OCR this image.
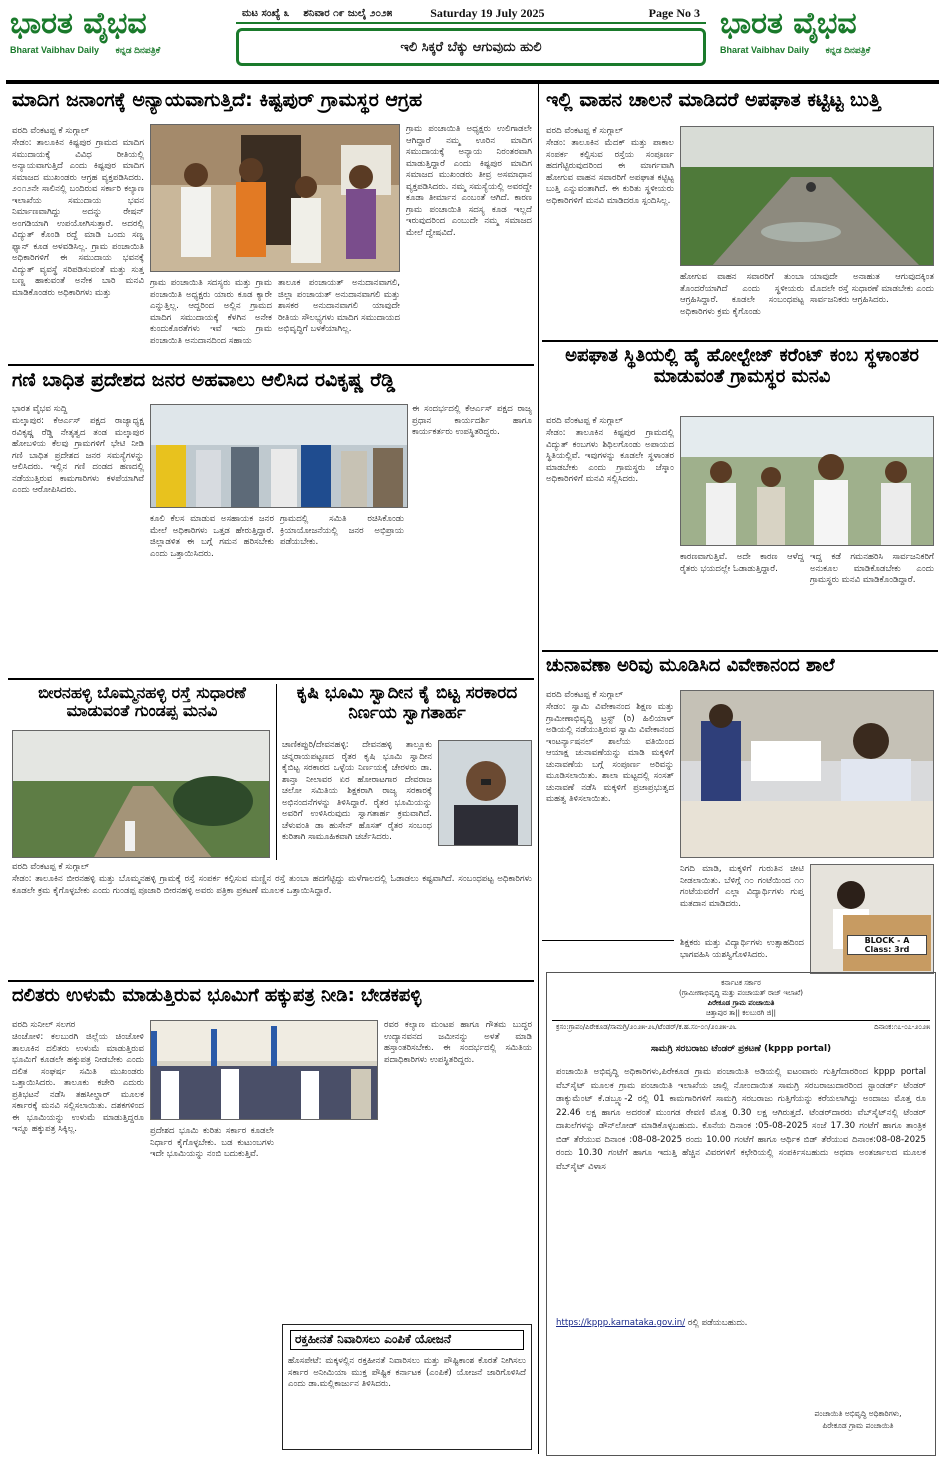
ಭಾರತ ವೈಭವ
Bharat Vaibhav Daily ಕನ್ನಡ ದಿನಪತ್ರಿಕೆ
ಮಟ ಸಂಖ್ಯೆ ೩ ಶನಿವಾರ ೧೯ ಜುಲೈ ೨೦೨೫	Saturday 19 July 2025	Page No 3
ಇಲಿ ಸಿಕ್ಕರೆ ಬೆಕ್ಕು ಆಗುವುದು ಹುಲಿ
ಭಾರತ ವೈಭವ
Bharat Vaibhav Daily ಕನ್ನಡ ದಿನಪತ್ರಿಕೆ
ಮಾದಿಗ ಜನಾಂಗಕ್ಕೆ ಅನ್ಯಾಯವಾಗುತ್ತಿದೆ: ಕಿಷ್ಟಪುರ್ ಗ್ರಾಮಸ್ಥರ ಆಗ್ರಹ
ವರದಿ ವೆಂಕಟಪ್ಪ ಕೆ ಸುಗ್ಗಾಲ್
ಸೇಡಂ: ತಾಲೂಕಿನ ಕಿಷ್ಟಪುರ ಗ್ರಾಮದ ಮಾದಿಗ ಸಮುದಾಯಕ್ಕೆ ವಿವಿಧ ರೀತಿಯಲ್ಲಿ ಅನ್ಯಾಯವಾಗುತ್ತಿದೆ ಎಂದು ಕಿಷ್ಟಪುರ ಮಾದಿಗ ಸಮಾಜದ ಮುಖಂಡರು ಆಗ್ರಹ ವ್ಯಕ್ತಪಡಿಸಿದರು. ೨೦೧೨ನೇ ಸಾಲಿನಲ್ಲಿ ಬಂದಿರುವ ಸರ್ಕಾರಿ ಕಲ್ಯಾಣ ಇಲಾಖೆಯ ಸಮುದಾಯ ಭವನ ನಿರ್ಮಾಣವಾಗಿದ್ದು ಅದನ್ನು ರೇಷನ್ ಅಂಗಡಿಯಾಗಿ ಉಪಯೋಗಿಸುತ್ತಾರೆ. ಅದರಲ್ಲಿ ವಿದ್ಯುತ್ ಕೊಂಡಿ ರದ್ದೆ ಮಾಡಿ ಒಂದು ಸಣ್ಣ ಫ್ಯಾನ್ ಕೂಡ ಅಳವಡಿಸಿಲ್ಲ. ಗ್ರಾಮ ಪಂಚಾಯಿತಿ ಅಧಿಕಾರಿಗಳಿಗೆ ಈ ಸಮುದಾಯ ಭವನಕ್ಕೆ ವಿದ್ಯುತ್ ವ್ಯವಸ್ಥೆ ಸರಿಪಡಿಸುವಂತೆ ಮತ್ತು ಸುತ್ತ ಬಣ್ಣ ಹಾಕುವಂತೆ ಅನೇಕ ಬಾರಿ ಮನವಿ ಮಾಡಿಕೊಂಡರು ಅಧಿಕಾರಿಗಳು ಮತ್ತು
ಗ್ರಾಮ ಪಂಚಾಯಿತಿ ಅಧ್ಯಕ್ಷರು ಉಲಿಗಾಡಲೇ ಆಗಿದ್ದಾರೆ ನಮ್ಮ ಊರಿನ ಮಾದಿಗ ಸಮುದಾಯಕ್ಕೆ ಅನ್ಯಾಯ ನಿರಂತರವಾಗಿ ಮಾಡುತ್ತಿದ್ದಾರೆ ಎಂದು ಕಿಷ್ಟಪುರ ಮಾದಿಗ ಸಮಾಜದ ಮುಖಂಡರು ತೀವ್ರ ಅಸಮಾಧಾನ ವ್ಯಕ್ತಪಡಿಸಿದರು. ನಮ್ಮ ಸಮಸ್ಯೆಯಲ್ಲಿ ಅವರದ್ದೇ ಕೂಡಾ ತೀರ್ಮಾನ ಎಂಬಂತೆ ಆಗಿದೆ. ಕಾರಣ ಗ್ರಾಮ ಪಂಚಾಯಿತಿ ಸದಸ್ಯ ಕೂಡ ಇಲ್ಲದೆ ಇರುವುದರಿಂದ ಎಂಬುದೇ ನಮ್ಮ ಸಮಾಜದ ಮೇಲೆ ದ್ವೇಷವಿದೆ.
ಗ್ರಾಮ ಪಂಚಾಯಿತಿ ಸದಸ್ಯರು ಮತ್ತು ಗ್ರಾಮ ಪಂಚಾಯಿತಿ ಅಧ್ಯಕ್ಷರು ಯಾರು ಕೂಡ ಕ್ಯಾರೇ ಎನ್ನುತ್ತಿಲ್ಲ. ಆದ್ದರಿಂದ ಅಲ್ಲಿನ ಗ್ರಾಮದ ಮಾದಿಗ ಸಮುದಾಯಕ್ಕೆ ಕೆಳಗಿನ ಅನೇಕ ಕುಂದುಕೊರತೆಗಳು ಇವೆ ಇದು ಗ್ರಾಮ ಪಂಚಾಯಿತಿ ಅನುದಾನದಿಂದ ಸಹಾಯ
ತಾಲೂಕ ಪಂಚಾಯತ್ ಅನುದಾನವಾಗಲಿ, ಜಿಲ್ಲಾ ಪಂಚಾಯತ್ ಅನುದಾನವಾಗಲಿ ಮತ್ತು ಶಾಸಕರ ಅನುದಾನವಾಗಲಿ ಯಾವುದೇ ರೀತಿಯ ಸೌಲಭ್ಯಗಳು ಮಾದಿಗ ಸಮುದಾಯದ ಅಭಿವೃದ್ಧಿಗೆ ಬಳಕೆಯಾಗಿಲ್ಲ.
ಇಲ್ಲಿ ವಾಹನ ಚಾಲನೆ ಮಾಡಿದರೆ ಅಪಘಾತ ಕಟ್ಟಿಟ್ಟ ಬುತ್ತಿ
ವರದಿ ವೆಂಕಟಪ್ಪ ಕೆ ಸುಗ್ಗಾಲ್
ಸೇಡಂ: ತಾಲೂಕಿನ ಮೆದಕ್ ಮತ್ತು ಪಾಕಾಲ ಸಂಪರ್ಕ ಕಲ್ಪಿಸುವ ರಸ್ತೆಯ ಸಂಪೂರ್ಣ ಹದಗೆಟ್ಟಿರುವುದರಿಂದ ಈ ಮಾರ್ಗವಾಗಿ ಹೋಗುವ ವಾಹನ ಸವಾರರಿಗೆ ಅಪಘಾತ ಕಟ್ಟಿಟ್ಟ ಬುತ್ತಿ ಎನ್ನುವಂತಾಗಿದೆ. ಈ ಕುರಿತು ಸ್ಥಳೀಯರು ಅಧಿಕಾರಿಗಳಿಗೆ ಮನವಿ ಮಾಡಿದರೂ ಸ್ಪಂದಿಸಿಲ್ಲ.
ಹೋಗುವ ವಾಹನ ಸವಾರರಿಗೆ ತುಂಬಾ ತೊಂದರೆಯಾಗಿದೆ ಎಂದು ಸ್ಥಳೀಯರು ಆಗ್ರಹಿಸಿದ್ದಾರೆ. ಕೂಡಲೇ ಸಂಬಂಧಪಟ್ಟ ಅಧಿಕಾರಿಗಳು ಕ್ರಮ ಕೈಗೊಂಡು
ಯಾವುದೇ ಅನಾಹುತ ಆಗುವುದಕ್ಕಿಂತ ಮೊದಲೇ ರಸ್ತೆ ಸುಧಾರಣೆ ಮಾಡಬೇಕು ಎಂದು ಸಾರ್ವಜನಿಕರು ಆಗ್ರಹಿಸಿದರು.
ಗಣಿ ಬಾಧಿತ ಪ್ರದೇಶದ ಜನರ ಅಹವಾಲು ಆಲಿಸಿದ ರವಿಕೃಷ್ಣ ರೆಡ್ಡಿ
ಭಾರತ ವೈಭವ ಸುದ್ದಿ
ಮಲ್ಕಾಪುರ: ಕೆಆರ್ಎಸ್ ಪಕ್ಷದ ರಾಜ್ಯಾಧ್ಯಕ್ಷ ರವಿಕೃಷ್ಣ ರೆಡ್ಡಿ ನೇತೃತ್ವದ ತಂಡ ಮಲ್ಕಾಪುರ ಹೋಬಳಿಯ ಕೆಲವು ಗ್ರಾಮಗಳಿಗೆ ಭೇಟಿ ನೀಡಿ ಗಣಿ ಬಾಧಿತ ಪ್ರದೇಶದ ಜನರ ಸಮಸ್ಯೆಗಳನ್ನು ಆಲಿಸಿದರು. ಇಲ್ಲಿನ ಗಣಿ ದಂಡದ ಹಣದಲ್ಲಿ ನಡೆಯುತ್ತಿರುವ ಕಾಮಗಾರಿಗಳು ಕಳಪೆಯಾಗಿವೆ ಎಂದು ಆರೋಪಿಸಿದರು.
ಕೂಲಿ ಕೆಲಸ ಮಾಡುವ ಅಸಹಾಯಕ ಜನರ ಮೇಲೆ ಅಧಿಕಾರಿಗಳು ಒತ್ತಡ ಹೇರುತ್ತಿದ್ದಾರೆ. ಜಿಲ್ಲಾಡಳಿತ ಈ ಬಗ್ಗೆ ಗಮನ ಹರಿಸಬೇಕು ಎಂದು ಒತ್ತಾಯಿಸಿದರು.
ಗ್ರಾಮದಲ್ಲಿ ಸಮಿತಿ ರಚಿಸಿಕೊಂಡು ಕ್ರಿಯಾಯೋಜನೆಯಲ್ಲಿ ಜನರ ಅಭಿಪ್ರಾಯ ಪಡೆಯಬೇಕು.
ಈ ಸಂದರ್ಭದಲ್ಲಿ ಕೆಆರ್ಎಸ್ ಪಕ್ಷದ ರಾಜ್ಯ ಪ್ರಧಾನ ಕಾರ್ಯದರ್ಶಿ ಹಾಗೂ ಕಾರ್ಯಕರ್ತರು ಉಪಸ್ಥಿತರಿದ್ದರು.
ಅಪಘಾತ ಸ್ಥಿತಿಯಲ್ಲಿ ಹೈ ಹೋಲ್ಟೇಜ್ ಕರೆಂಟ್ ಕಂಬ ಸ್ಥಳಾಂತರ ಮಾಡುವಂತೆ ಗ್ರಾಮಸ್ಥರ ಮನವಿ
ವರದಿ ವೆಂಕಟಪ್ಪ ಕೆ ಸುಗ್ಗಾಲ್
ಸೇಡಂ: ತಾಲೂಕಿನ ಕಿಷ್ಟಪುರ ಗ್ರಾಮದಲ್ಲಿ ವಿದ್ಯುತ್ ಕಂಬಗಳು ಶಿಥಿಲಗೊಂಡು ಅಪಾಯದ ಸ್ಥಿತಿಯಲ್ಲಿವೆ. ಇವುಗಳನ್ನು ಕೂಡಲೇ ಸ್ಥಳಾಂತರ ಮಾಡಬೇಕು ಎಂದು ಗ್ರಾಮಸ್ಥರು ಜೆಸ್ಕಾಂ ಅಧಿಕಾರಿಗಳಿಗೆ ಮನವಿ ಸಲ್ಲಿಸಿದರು.
ಕಾರಣವಾಗುತ್ತಿವೆ. ಅದೇ ಕಾರಣ ಆಳೆದ್ದ ರೈತರು ಭಯದಲ್ಲೇ ಓಡಾಡುತ್ತಿದ್ದಾರೆ.
ಇದ್ದ ಕಡೆ ಗಮನಹರಿಸಿ ಸಾರ್ವಜನಿಕರಿಗೆ ಅನುಕೂಲ ಮಾಡಿಕೊಡಬೇಕು ಎಂದು ಗ್ರಾಮಸ್ಥರು ಮನವಿ ಮಾಡಿಕೊಂಡಿದ್ದಾರೆ.
ಬೀರನಹಳ್ಳಿ ಬೊಮ್ಮನಹಳ್ಳಿ ರಸ್ತೆ ಸುಧಾರಣೆ ಮಾಡುವಂತೆ ಗುಂಡಪ್ಪ ಮನವಿ
ವರದಿ ವೆಂಕಟಪ್ಪ ಕೆ ಸುಗ್ಗಾಲ್
ಸೇಡಂ: ತಾಲೂಕಿನ ಬೀರನಹಳ್ಳಿ ಮತ್ತು ಬೊಮ್ಮನಹಳ್ಳಿ ಗ್ರಾಮಕ್ಕೆ ರಸ್ತೆ ಸಂಪರ್ಕ ಕಲ್ಪಿಸುವ ಮಣ್ಣಿನ ರಸ್ತೆ ತುಂಬಾ ಹದಗೆಟ್ಟಿದ್ದು ಮಳೆಗಾಲದಲ್ಲಿ ಓಡಾಡಲು ಕಷ್ಟವಾಗಿದೆ. ಸಂಬಂಧಪಟ್ಟ ಅಧಿಕಾರಿಗಳು ಕೂಡಲೇ ಕ್ರಮ ಕೈಗೊಳ್ಳಬೇಕು ಎಂದು ಗುಂಡಪ್ಪ ಪೂಜಾರಿ ಬೀರನಹಳ್ಳಿ ಅವರು ಪತ್ರಿಕಾ ಪ್ರಕಟಣೆ ಮೂಲಕ ಒತ್ತಾಯಿಸಿದ್ದಾರೆ.
ಕೃಷಿ ಭೂಮಿ ಸ್ವಾದೀನ ಕೈ ಬಿಟ್ಟ ಸರಕಾರದ ನಿರ್ಣಯ ಸ್ವಾಗತಾರ್ಹ
ಚಾಣಿಕಪ್ಪುರಿ/ದೇವನಹಳ್ಳಿ: ದೇವನಹಳ್ಳಿ ತಾಲ್ಲೂಕು ಚನ್ನರಾಯಪಟ್ಟಣದ ರೈತರ ಕೃಷಿ ಭೂಮಿ ಸ್ವಾದೀನ ಕೈಬಿಟ್ಟ ಸರಕಾರದ ಒಳ್ಳೆಯ ನಿರ್ಣಯಕ್ಕೆ ಚೇರಳರು ಡಾ. ಶಾನ್ತಾ ನೀಲಾವರ ಏರ ಹೋರಾಟಗಾರ ದೇವರಾಜ ಚಲೋ ಸಮಿತಿಯ ಶಿಕ್ಷಕರಾಗಿ ರಾಜ್ಯ ಸರಕಾರಕ್ಕೆ ಅಭಿನಂದನೆಗಳನ್ನು ತಿಳಿಸಿದ್ದಾರೆ. ರೈತರ ಭೂಮಿಯನ್ನು ಅವರಿಗೆ ಉಳಿಸಿರುವುದು ಸ್ವಾಗತಾರ್ಹ ಕ್ರಮವಾಗಿದೆ. ಚೆಳುವಂತಿ ಡಾ ಹುಸೇನ್ ಹೊಸತ್ ರೈತರ ಸಂಬಂಧ ಕುರಿತಾಗಿ ಸಾಮೂಹಿಕವಾಗಿ ಚರ್ಚೆಸಿದರು.
ಚುನಾವಣಾ ಅರಿವು ಮೂಡಿಸಿದ ವಿವೇಕಾನಂದ ಶಾಲೆ
ವರದಿ ವೆಂಕಟಪ್ಪ ಕೆ ಸುಗ್ಗಾಲ್
ಸೇಡಂ: ಸ್ವಾಮಿ ವಿವೇಕಾನಂದ ಶಿಕ್ಷಣ ಮತ್ತು ಗ್ರಾಮೀಣಾಭಿವೃದ್ಧಿ ಟ್ರಸ್ಟ್ (ರಿ) ಹಿಲಿಯಾಳ್ ಅಡಿಯಲ್ಲಿ ನಡೆಯುತ್ತಿರುವ ಸ್ವಾಮಿ ವಿವೇಕಾನಂದ ಇಂಟರ್ನ್ಯಾಷನಲ್ ಶಾಲೆಯ ವತಿಯಿಂದ ಆಯಾಕ್ಷ ಚುನಾವಣೆಯನ್ನು ಮಾಡಿ ಮಕ್ಕಳಿಗೆ ಚುನಾವಣೆಯ ಬಗ್ಗೆ ಸಂಪೂರ್ಣ ಅರಿವನ್ನು ಮೂಡಿಸಲಾಯಿತು. ಶಾಲಾ ಮಟ್ಟದಲ್ಲಿ ಸಂಸತ್ ಚುನಾವಣೆ ನಡೆಸಿ ಮಕ್ಕಳಿಗೆ ಪ್ರಜಾಪ್ರಭುತ್ವದ ಮಹತ್ವ ತಿಳಿಸಲಾಯಿತು.
ನಿಗದಿ ಮಾಡಿ, ಮಕ್ಕಳಿಗೆ ಗುರುತಿನ ಚೀಟಿ ನೀಡಲಾಯಿತು. ಬೆಳಿಗ್ಗೆ ೧೦ ಗಂಟೆಯಿಂದ ೧೧ ಗಂಟೆಯವರೆಗೆ ಎಲ್ಲಾ ವಿದ್ಯಾರ್ಥಿಗಳು ಗುಪ್ತ ಮತದಾನ ಮಾಡಿದರು.
BLOCK - A
Class: 3rd
ಶಿಕ್ಷಕರು ಮತ್ತು ವಿದ್ಯಾರ್ಥಿಗಳು ಉತ್ಸಾಹದಿಂದ ಭಾಗವಹಿಸಿ ಯಶಸ್ವಿಗೊಳಿಸಿದರು.
ದಲಿತರು ಉಳುಮೆ ಮಾಡುತ್ತಿರುವ ಭೂಮಿಗೆ ಹಕ್ಕುಪತ್ರ ನೀಡಿ: ಬೇಡಕಪಳ್ಳಿ
ವರದಿ ಸುನೀಲ್ ಸಲಗರ
ಚಿಂಚೋಳಿ: ಕಲಬುರಗಿ ಜಿಲ್ಲೆಯ ಚಿಂಚೋಳಿ ತಾಲೂಕಿನ ದಲಿತರು ಉಳುಮೆ ಮಾಡುತ್ತಿರುವ ಭೂಮಿಗೆ ಕೂಡಲೇ ಹಕ್ಕುಪತ್ರ ನೀಡಬೇಕು ಎಂದು ದಲಿತ ಸಂಘರ್ಷ ಸಮಿತಿ ಮುಖಂಡರು ಒತ್ತಾಯಿಸಿದರು. ತಾಲೂಕು ಕಚೇರಿ ಎದುರು ಪ್ರತಿಭಟನೆ ನಡೆಸಿ ತಹಸೀಲ್ದಾರ್ ಮೂಲಕ ಸರ್ಕಾರಕ್ಕೆ ಮನವಿ ಸಲ್ಲಿಸಲಾಯಿತು. ದಶಕಗಳಿಂದ ಈ ಭೂಮಿಯನ್ನು ಉಳುಮೆ ಮಾಡುತ್ತಿದ್ದರೂ ಇನ್ನೂ ಹಕ್ಕುಪತ್ರ ಸಿಕ್ಕಿಲ್ಲ.	ಪ್ರದೇಶದ ಭೂಮಿ ಕುರಿತು ಸರ್ಕಾರ ಕೂಡಲೇ ನಿರ್ಧಾರ ಕೈಗೊಳ್ಳಬೇಕು. ಬಡ ಕುಟುಂಬಗಳು ಇದೇ ಭೂಮಿಯನ್ನು ನಂಬಿ ಬದುಕುತ್ತಿವೆ.
ರವರ ಕಲ್ಯಾಣ ಮಂಟಪ ಹಾಗೂ ಗೌತಮ ಬುದ್ಧರ ಉದ್ಯಾನವನದ ಜಮೀನನ್ನು ಅಳತೆ ಮಾಡಿ ಹಸ್ತಾಂತರಿಸಬೇಕು. ಈ ಸಂದರ್ಭದಲ್ಲಿ ಸಮಿತಿಯ ಪದಾಧಿಕಾರಿಗಳು ಉಪಸ್ಥಿತರಿದ್ದರು.
ರಕ್ತಹೀನತೆ ನಿವಾರಿಸಲು ಎಂಪಿಕೆ ಯೋಜನೆ
ಹೊಸಪೇಟೆ: ಮಕ್ಕಳಲ್ಲಿನ ರಕ್ತಹೀನತೆ ನಿವಾರಿಸಲು ಮತ್ತು ಪೌಷ್ಟಿಕಾಂಶ ಕೊರತೆ ನೀಗಿಸಲು ಸರ್ಕಾರ ಅನೀಮಿಯಾ ಮುಕ್ತ ಪೌಷ್ಟಿಕ ಕರ್ನಾಟಕ (ಎಂಪಿಕೆ) ಯೋಜನೆ ಜಾರಿಗೊಳಿಸಿದೆ ಎಂದು ಡಾ.ಮಲ್ಲಿಕಾರ್ಜುನ ತಿಳಿಸಿದರು.
ಕರ್ನಾಟಕ ಸರ್ಕಾರ
(ಗ್ರಾಮೀಣಾಭಿವೃದ್ಧಿ ಮತ್ತು ಪಂಚಾಯತ್ ರಾಜ್ ಇಲಾಖೆ)
ಪಿರೇಕೂಡ ಗ್ರಾಮ ಪಂಚಾಯಿತಿ
ಚಿತ್ತಾಪುರ ತಾ|| ಕಲಬುರಗಿ ಜಿ||
ಕ್ರಸಂ:ಗ್ರಾಪಂ/ಪಿರೇಕೂಡ/ಸಾಮಗ್ರಿ/೨೦೨೫-೨೬/ಟೆಂಡರ್/ಕ.ಹ.ಸಂ-೦೧/೨೦೨೫-೨೬	ದಿನಾಂಕ:೧೭-೦೭-೨೦೨೫
ಸಾಮಗ್ರಿ ಸರಬರಾಜು ಟೆಂಡರ್ ಪ್ರಕಟಣೆ (kppp portal)
ಪಂಚಾಯಿತಿ ಅಭಿವೃದ್ಧಿ ಅಧಿಕಾರಿಗಳು,ಪಿರೇಕೂಡ ಗ್ರಾಮ ಪಂಚಾಯಿತಿ ಅಡಿಯಲ್ಲಿ ಐಟಂವಾರು ಗುತ್ತಿಗೆದಾರರಿಂದ kppp portal ವೆಬ್‌ಸೈಟ್ ಮೂಲಕ ಗ್ರಾಮ ಪಂಚಾಯಿತಿ ಇಲಾಖೆಯ ಜಾಲ್ಲಿ ನೋಂದಾಯಿತ ಸಾಮಗ್ರಿ ಸರಬರಾಜುದಾರರಿಂದ ಸ್ಟಾಂಡರ್ಡ್ ಟೆಂಡರ್ ಡಾಕ್ಯುಮೆಂಟ್ ಕೆ.ಡಬ್ಲ್ಯೂ-2 ರಲ್ಲಿ 01 ಕಾಮಗಾರಿಗಳಿಗೆ ಸಾಮಗ್ರಿ ಸರಬರಾಜು ಗುತ್ತಿಗೆಯನ್ನು ಕರೆಯಲಾಗಿದ್ದು ಅಂದಾಜು ಮೊತ್ತ ರೂ 22.46 ಲಕ್ಷ ಹಾಗೂ ಅದರಂತೆ ಮುಂಗಡ ಠೇವಣಿ ಮೊತ್ತ 0.30 ಲಕ್ಷ ಆಗಿರುತ್ತದೆ. ಟೆಂಡರ್‌ದಾರರು ವೆಬ್‌ಸೈಟ್‌ನಲ್ಲಿ ಟೆಂಡರ್ ದಾಖಲೆಗಳನ್ನು ಡೌನ್‌ಲೋಡ್ ಮಾಡಿಕೊಳ್ಳಬಹುದು. ಕೊನೆಯ ದಿನಾಂಕ :05-08-2025 ಸಂಜೆ 17.30 ಗಂಟೆಗೆ ಹಾಗೂ ತಾಂತ್ರಿಕ ಬಿಡ್ ತೆರೆಯುವ ದಿನಾಂಕ :08-08-2025 ರಂದು 10.00 ಗಂಟೆಗೆ ಹಾಗೂ ಆರ್ಥಿಕ ಬಿಡ್ ತೆರೆಯುವ ದಿನಾಂಕ:08-08-2025 ರಂದು 10.30 ಗಂಟೆಗೆ ಹಾಗೂ ಇದುತ್ತಿ ಹೆಚ್ಚಿನ ವಿವರಗಳಿಗೆ ಕಛೇರಿಯಲ್ಲಿ ಸಂಪರ್ಕಿಸಬಹುದು ಅಥವಾ ಅಂತರ್ಜಾಲದ ಮೂಲಕ ವೆಬ್‌ಸೈಟ್ ವಿಳಾಸ
https://kppp.karnataka.gov.in/ ರಲ್ಲಿ ಪಡೆಯಬಹುದು.
ಪಂಚಾಯಿತಿ ಅಭಿವೃದ್ಧಿ ಅಧಿಕಾರಿಗಳು,
ಪಿರೇಕೂಡ ಗ್ರಾಮ ಪಂಚಾಯಿತಿ
